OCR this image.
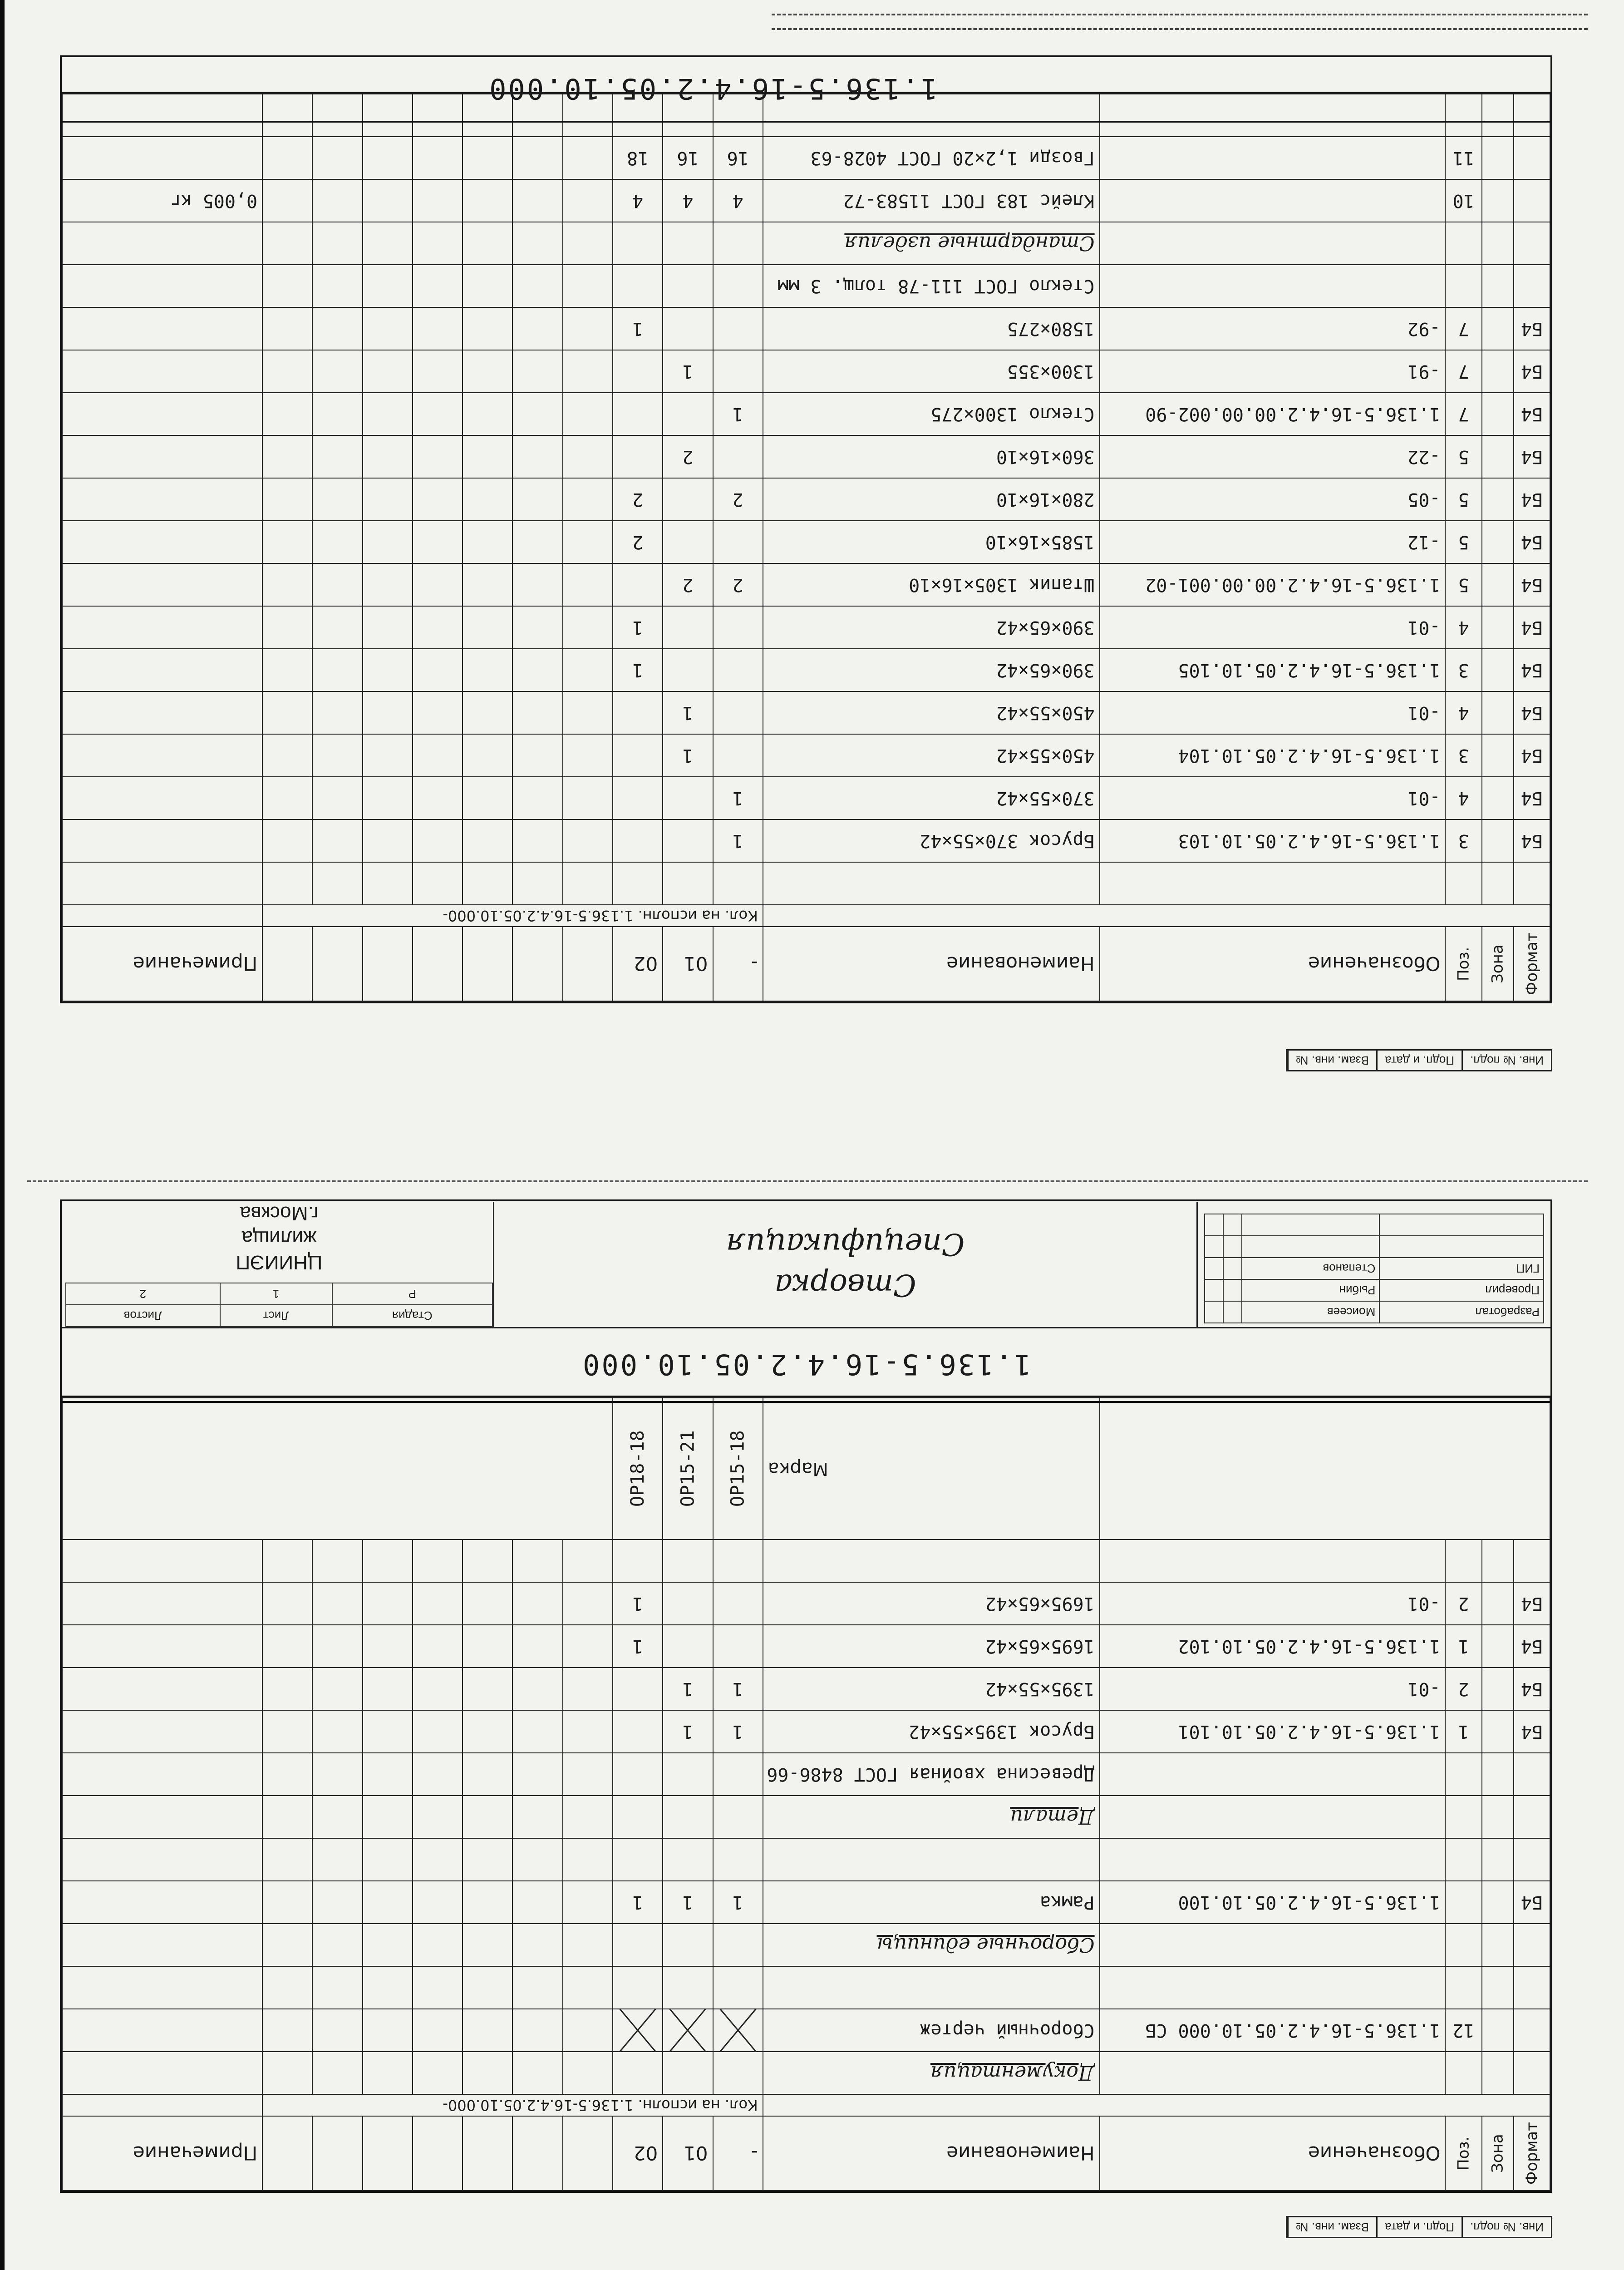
Формат	Зона	Поз.	Обозначение	Наименование	-	01	02								Примечание
					Кол. на исполн. 1.136.5-16.4.2.05.10.000-										

Б4		3	1.136.5-16.4.2.05.10.103	Брусок 370×55×42	1										
Б4		4	-01	370×55×42	1										
Б4		3	1.136.5-16.4.2.05.10.104	450×55×42		1									
Б4		4	-01	450×55×42		1									
Б4		3	1.136.5-16.4.2.05.10.105	390×65×42			1								
Б4		4	-01	390×65×42			1								
Б4		5	1.136.5-16.4.2.00.00.001-02	Штапик 1305×16×10	2	2									
Б4		5	-12	1585×16×10			2								
Б4		5	-05	280×16×10	2		2								
Б4		5	-22	360×16×10		2									
Б4		7	1.136.5-16.4.2.00.00.002-90	Стекло 1300×275	1										
Б4		7	-91	1300×355		1									
Б4		7	-92	1580×275			1								
				Стекло ГОСТ 111-78 толщ. 3 мм											
				Стандартные изделия											
		10		Клейс 183 ГОСТ 11583-72	4	4	4								0,005 кг
		11		Гвозди 1,2×20 ГОСТ 4028-63	16	16	18								

1.136.5-16.4.2.05.10.000
Инв. № подл.
Подп. и дата
Взам. инв. №
Формат	Зона	Поз.	Обозначение	Наименование	-	01	02								Примечание
					Кол. на исполн. 1.136.5-16.4.2.05.10.000-										
				Документация											
		12	1.136.5-16.4.2.05.10.000 СБ	Сборочный чертеж											

				Сборочные единицы											
Б4			1.136.5-16.4.2.05.10.100	Рамка	1	1	1								

				Детали											
				Древесина хвойная ГОСТ 8486-66											
Б4		1	1.136.5-16.4.2.05.10.101	Брусок 1395×55×42	1	1									
Б4		2	-01	1395×55×42	1	1									
Б4		1	1.136.5-16.4.2.05.10.102	1695×65×42			1								
Б4		2	-01	1695×65×42			1								

				Марка	ОР15-18	ОР15-21	ОР18-18								
1.136.5-16.4.2.05.10.000
Разработал	Моисеев		
Проверил	Рыбин		
ГИП	Степанов		

Створка
Спецификация
Стадия	Лист	Листов
Р	1	2
ЦНИИЭП
жилища
г.Москва
Инв. № подл.
Подп. и дата
Взам. инв. №
